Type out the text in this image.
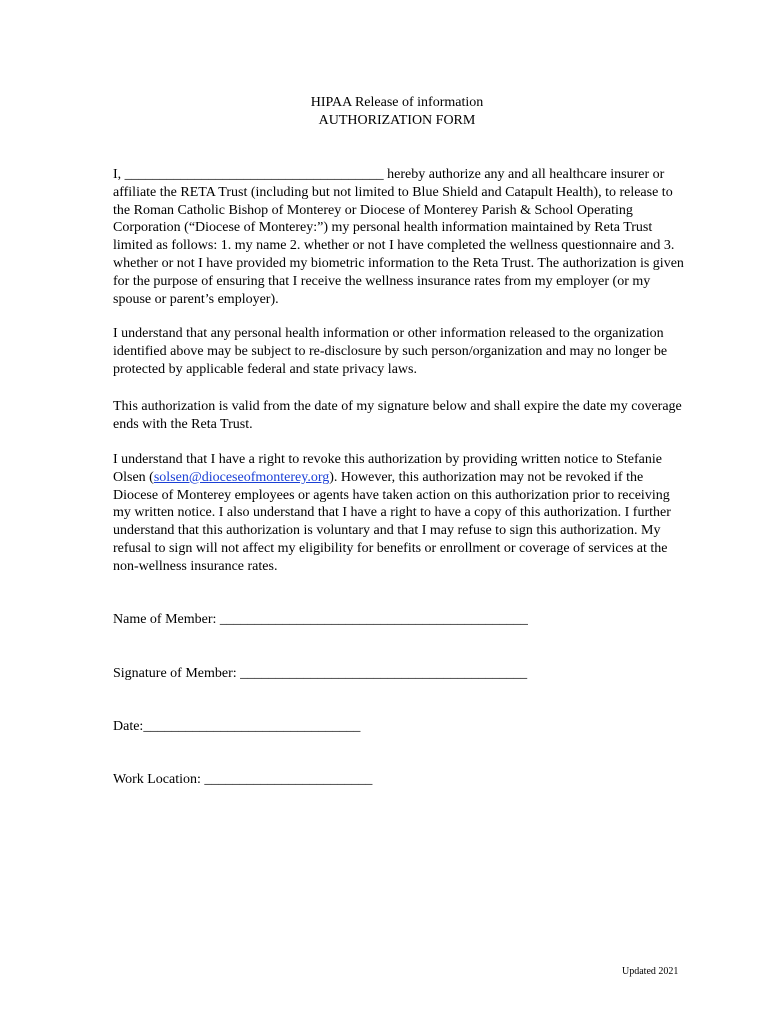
HIPAA Release of information
AUTHORIZATION FORM
I, _____________________________________ hereby authorize any and all healthcare insurer or affiliate the RETA Trust (including but not limited to Blue Shield and Catapult Health), to release to the Roman Catholic Bishop of Monterey or Diocese of Monterey Parish & School Operating Corporation (“Diocese of Monterey:”) my personal health information maintained by Reta Trust limited as follows: 1. my name 2. whether or not I have completed the wellness questionnaire and 3. whether or not I have provided my biometric information to the Reta Trust. The authorization is given for the purpose of ensuring that I receive the wellness insurance rates from my employer (or my spouse or parent’s employer).
I understand that any personal health information or other information released to the organization identified above may be subject to re-disclosure by such person/organization and may no longer be protected by applicable federal and state privacy laws.
This authorization is valid from the date of my signature below and shall expire the date my coverage ends with the Reta Trust.
I understand that I have a right to revoke this authorization by providing written notice to Stefanie Olsen (solsen@dioceseofmonterey.org). However, this authorization may not be revoked if the Diocese of Monterey employees or agents have taken action on this authorization prior to receiving my written notice. I also understand that I have a right to have a copy of this authorization. I further understand that this authorization is voluntary and that I may refuse to sign this authorization. My refusal to sign will not affect my eligibility for benefits or enrollment or coverage of services at the non-wellness insurance rates.
Name of Member: ____________________________________________
Signature of Member: _________________________________________
Date:_______________________________
Work Location: ________________________
Updated 2021
